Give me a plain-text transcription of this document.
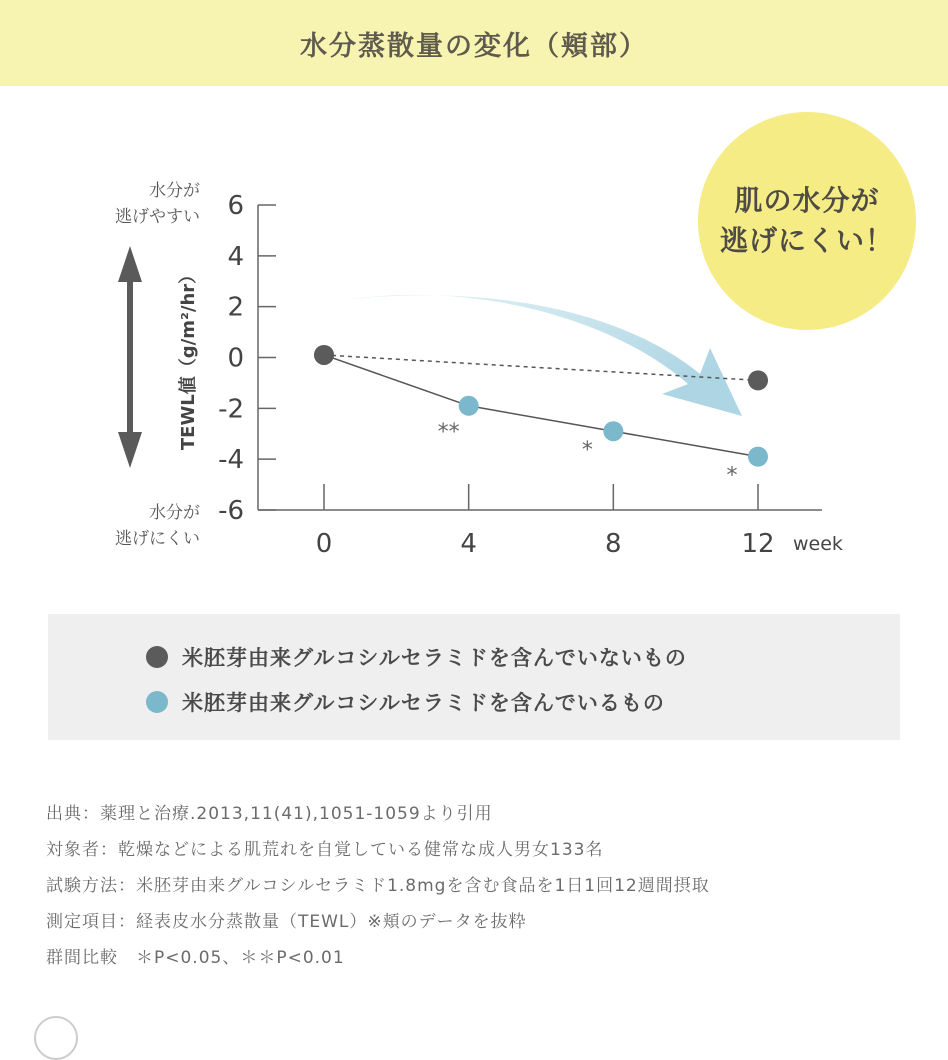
水分蒸散量の変化（頬部）
水分が
逃げやすい
水分が
逃げにくい
6
4
2
0
-2
-4
-6
0	4	8	12 week
TEWL値（g/m²/hr）	**
*
*
肌の水分が
逃げにくい！
米胚芽由来グルコシルセラミドを含んでいないもの
米胚芽由来グルコシルセラミドを含んでいるもの
出典：薬理と治療.2013,11(41),1051-1059より引用
対象者：乾燥などによる肌荒れを自覚している健常な成人男女133名
試験方法：米胚芽由来グルコシルセラミド1.8mgを含む食品を1日1回12週間摂取
測定項目：経表皮水分蒸散量（TEWL）※頬のデータを抜粋
群間比較　＊P<0.05、＊＊P<0.01
